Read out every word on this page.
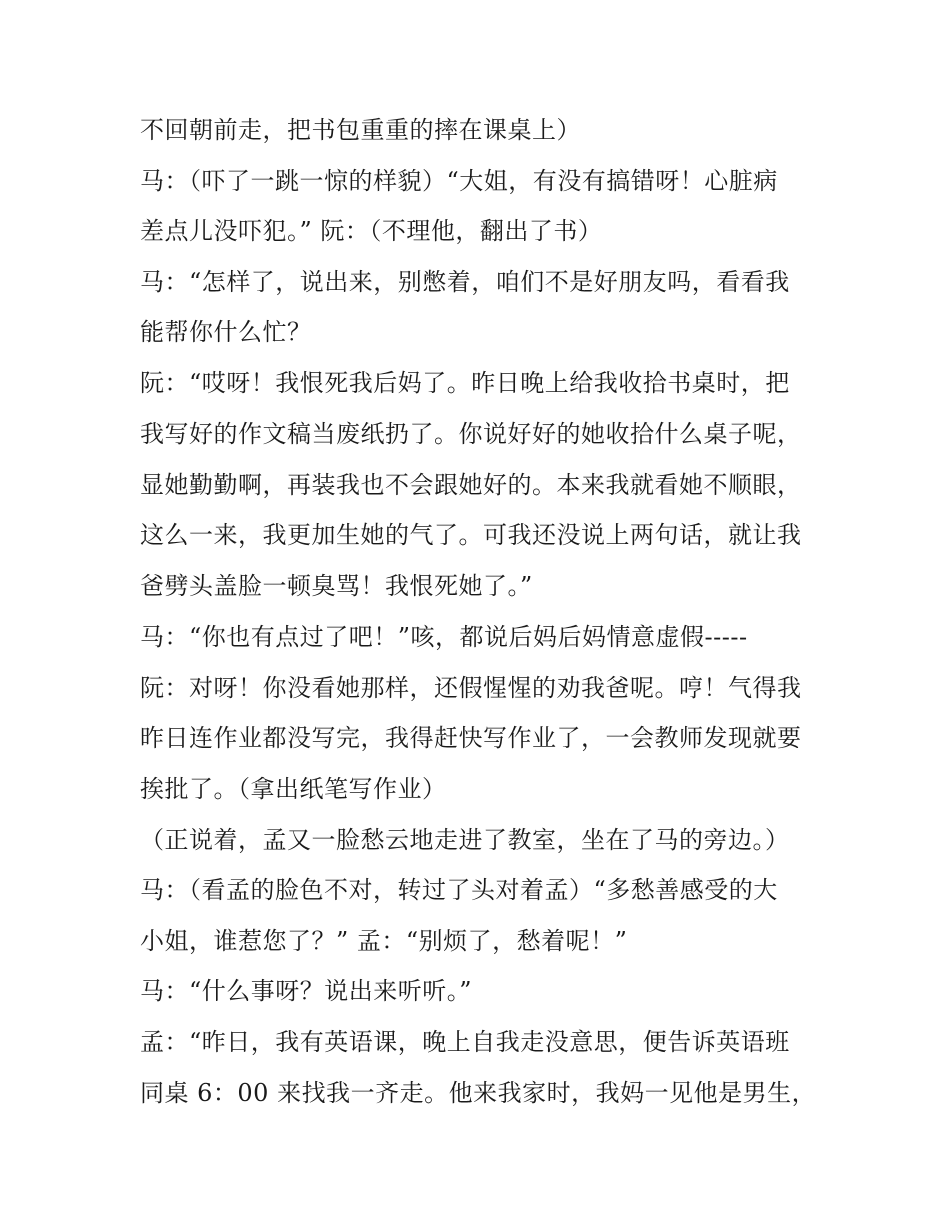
不回朝前走，把书包重重的摔在课桌上）
马：（吓了一跳一惊的样貌）“大姐，有没有搞错呀！心脏病
差点儿没吓犯。” 阮：（不理他，翻出了书）
马：“怎样了，说出来，别憋着，咱们不是好朋友吗，看看我
能帮你什么忙？
阮：“哎呀！我恨死我后妈了。昨日晚上给我收拾书桌时，把
我写好的作文稿当废纸扔了。你说好好的她收拾什么桌子呢，
显她勤勤啊，再装我也不会跟她好的。本来我就看她不顺眼，
这么一来，我更加生她的气了。可我还没说上两句话，就让我
爸劈头盖脸一顿臭骂！我恨死她了。”
马：“你也有点过了吧！”咳，都说后妈后妈情意虚假-----
阮：对呀！你没看她那样，还假惺惺的劝我爸呢。哼！气得我
昨日连作业都没写完，我得赶快写作业了，一会教师发现就要
挨批了。（拿出纸笔写作业）
（正说着，孟又一脸愁云地走进了教室，坐在了马的旁边。）
马：（看孟的脸色不对，转过了头对着孟）“多愁善感受的大
小姐，谁惹您了？” 孟：“别烦了，愁着呢！”
马：“什么事呀？说出来听听。”
孟：“昨日，我有英语课，晚上自我走没意思，便告诉英语班
同桌 6：00 来找我一齐走。他来我家时，我妈一见他是男生，
